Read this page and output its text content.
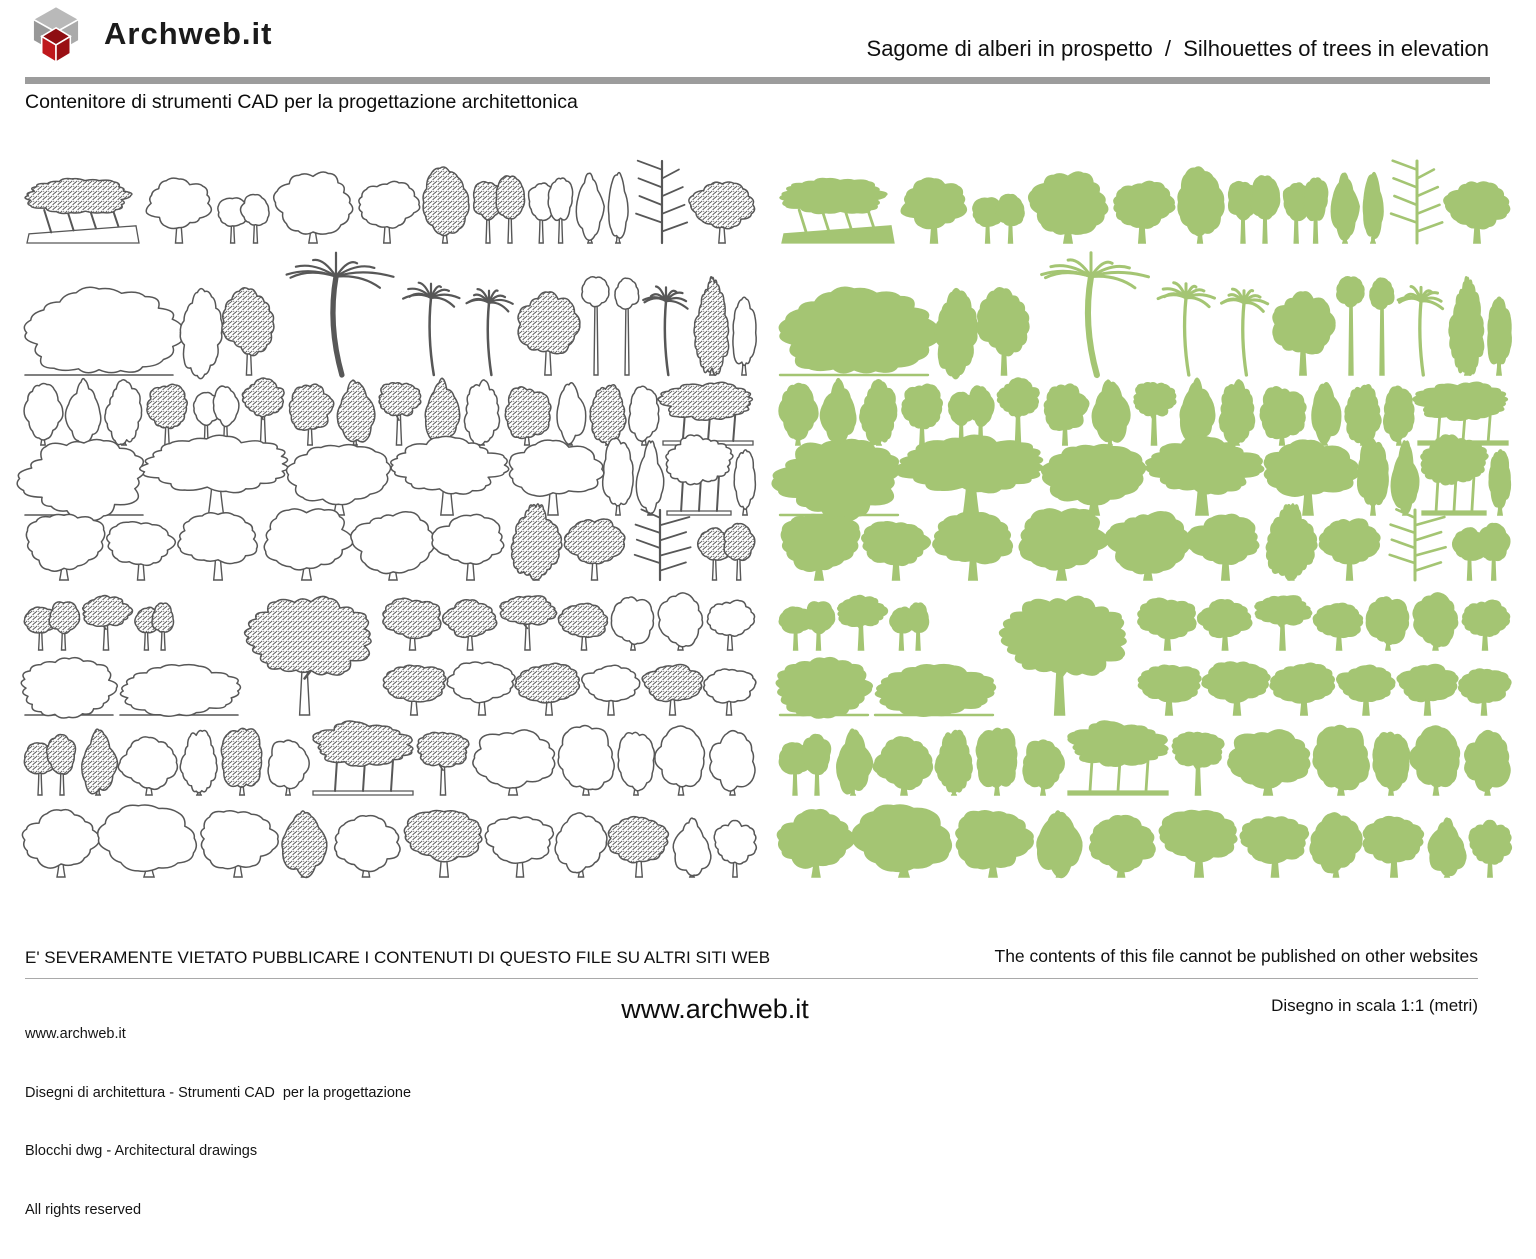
Archweb.it	Sagome di alberi in prospetto  /  Silhouettes of trees in elevation
Contenitore di strumenti CAD per la progettazione architettonica
E' SEVERAMENTE VIETATO PUBBLICARE I CONTENUTI DI QUESTO FILE SU ALTRI SITI WEB	The contents of this file cannot be published on other websites

www.archweb.it

Disegni di architettura - Strumenti CAD  per la progettazione

Blocchi dwg - Architectural drawings

All rights reserved

www.archweb.it	Disegno in scala 1:1 (metri)
